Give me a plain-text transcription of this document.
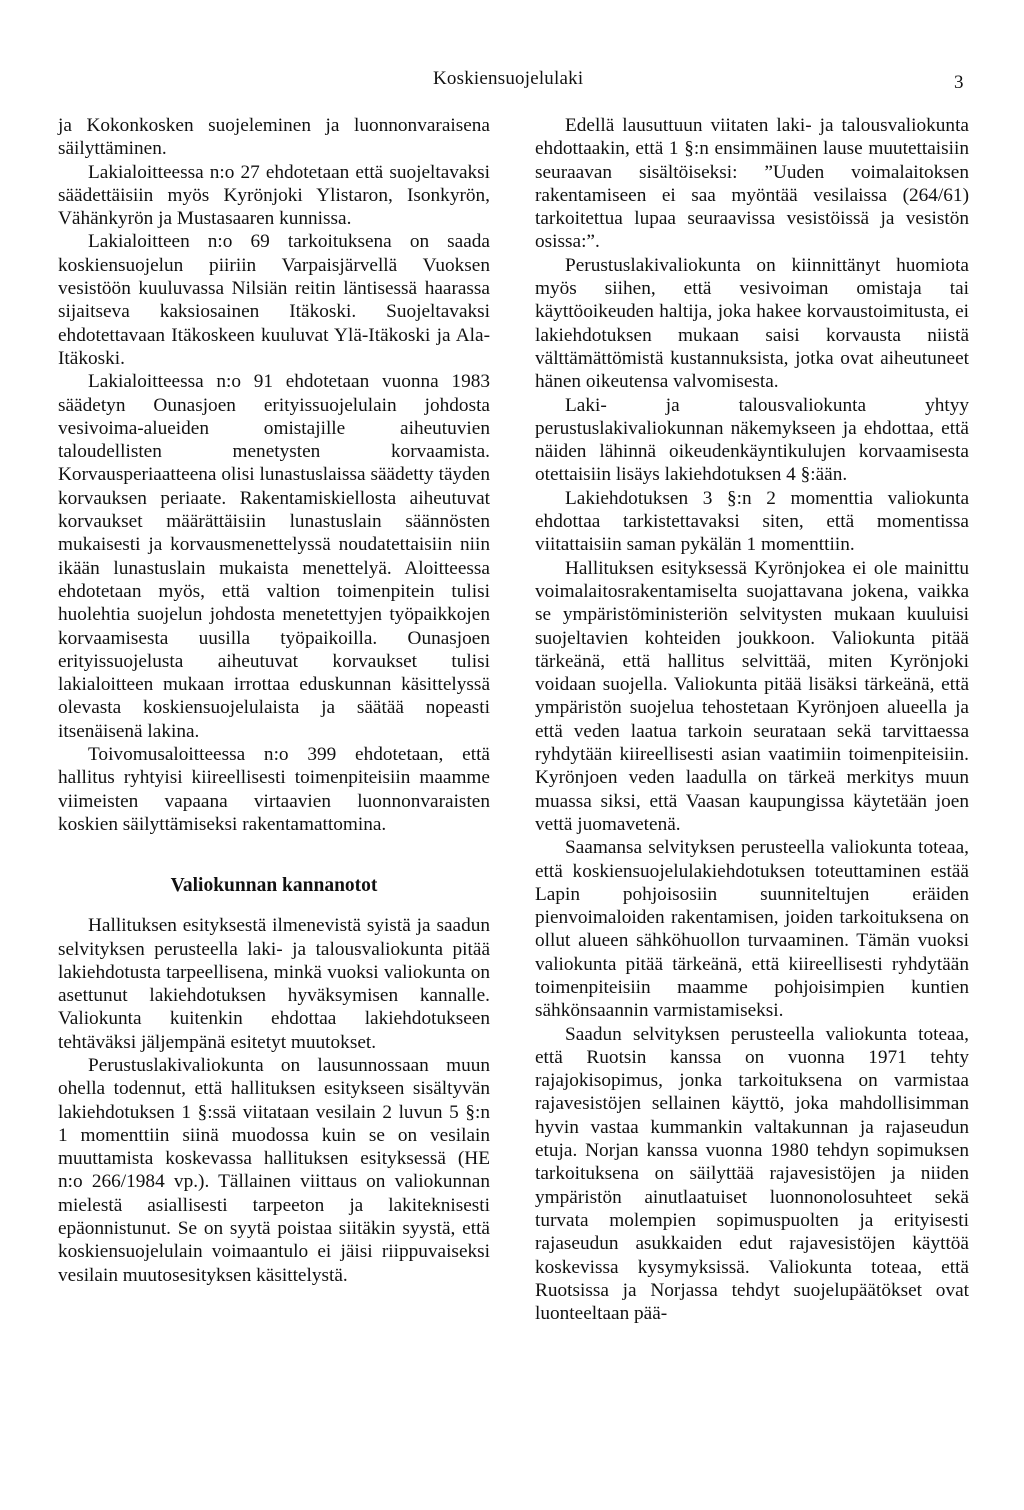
Koskiensuojelulaki	3

ja Kokonkosken suojeleminen ja luonnonvaraisena säilyttäminen.

Lakialoitteessa n:o 27 ehdotetaan että suojeltavaksi säädettäisiin myös Kyrönjoki Ylistaron, Isonkyrön, Vähänkyrön ja Mustasaaren kunnissa.

Lakialoitteen n:o 69 tarkoituksena on saada koskiensuojelun piiriin Varpaisjärvellä Vuoksen vesistöön kuuluvassa Nilsiän reitin läntisessä haarassa sijaitseva kaksiosainen Itäkoski. Suojeltavaksi ehdotettavaan Itäkoskeen kuuluvat Ylä-Itäkoski ja Ala-Itäkoski.

Lakialoitteessa n:o 91 ehdotetaan vuonna 1983 säädetyn Ounasjoen erityissuojelulain johdosta vesivoima-alueiden omistajille aiheutuvien taloudellisten menetysten korvaamista. Korvausperiaatteena olisi lunastuslaissa säädetty täyden korvauksen periaate. Rakentamiskiellosta aiheutuvat korvaukset määrättäisiin lunastuslain säännösten mukaisesti ja korvausmenettelyssä noudatettaisiin niin ikään lunastuslain mukaista menettelyä. Aloitteessa ehdotetaan myös, että valtion toimenpitein tulisi huolehtia suojelun johdosta menetettyjen työpaikkojen korvaamisesta uusilla työpaikoilla. Ounasjoen erityissuojelusta aiheutuvat korvaukset tulisi lakialoitteen mukaan irrottaa eduskunnan käsittelyssä olevasta koskiensuojelulaista ja säätää nopeasti itsenäisenä lakina.

Toivomusaloitteessa n:o 399 ehdotetaan, että hallitus ryhtyisi kiireellisesti toimenpiteisiin maamme viimeisten vapaana virtaavien luonnonvaraisten koskien säilyttämiseksi rakentamattomina.

Valiokunnan kannanotot

Hallituksen esityksestä ilmenevistä syistä ja saadun selvityksen perusteella laki- ja talousvaliokunta pitää lakiehdotusta tarpeellisena, minkä vuoksi valiokunta on asettunut lakiehdotuksen hyväksymisen kannalle. Valiokunta kuitenkin ehdottaa lakiehdotukseen tehtäväksi jäljempänä esitetyt muutokset.

Perustuslakivaliokunta on lausunnossaan muun ohella todennut, että hallituksen esitykseen sisältyvän lakiehdotuksen 1 §:ssä viitataan vesilain 2 luvun 5 §:n 1 momenttiin siinä muodossa kuin se on vesilain muuttamista koskevassa hallituksen esityksessä (HE n:o 266/1984 vp.). Tällainen viittaus on valiokunnan mielestä asiallisesti tarpeeton ja lakiteknisesti epäonnistunut. Se on syytä poistaa siitäkin syystä, että koskiensuojelulain voimaantulo ei jäisi riippuvaiseksi vesilain muutosesityksen käsittelystä.

Edellä lausuttuun viitaten laki- ja talousvaliokunta ehdottaakin, että 1 §:n ensimmäinen lause muutettaisiin seuraavan sisältöiseksi: ”Uuden voimalaitoksen rakentamiseen ei saa myöntää vesilaissa (264/61) tarkoitettua lupaa seuraavissa vesistöissä ja vesistön osissa:”.

Perustuslakivaliokunta on kiinnittänyt huomiota myös siihen, että vesivoiman omistaja tai käyttöoikeuden haltija, joka hakee korvaustoimitusta, ei lakiehdotuksen mukaan saisi korvausta niistä välttämättömistä kustannuksista, jotka ovat aiheutuneet hänen oikeutensa valvomisesta.

Laki- ja talousvaliokunta yhtyy perustuslakivaliokunnan näkemykseen ja ehdottaa, että näiden lähinnä oikeudenkäyntikulujen korvaamisesta otettaisiin lisäys lakiehdotuksen 4 §:ään.

Lakiehdotuksen 3 §:n 2 momenttia valiokunta ehdottaa tarkistettavaksi siten, että momentissa viitattaisiin saman pykälän 1 momenttiin.

Hallituksen esityksessä Kyrönjokea ei ole mainittu voimalaitosrakentamiselta suojattavana jokena, vaikka se ympäristöministeriön selvitysten mukaan kuuluisi suojeltavien kohteiden joukkoon. Valiokunta pitää tärkeänä, että hallitus selvittää, miten Kyrönjoki voidaan suojella. Valiokunta pitää lisäksi tärkeänä, että ympäristön suojelua tehostetaan Kyrönjoen alueella ja että veden laatua tarkoin seurataan sekä tarvittaessa ryhdytään kiireellisesti asian vaatimiin toimenpiteisiin. Kyrönjoen veden laadulla on tärkeä merkitys muun muassa siksi, että Vaasan kaupungissa käytetään joen vettä juomavetenä.

Saamansa selvityksen perusteella valiokunta toteaa, että koskiensuojelulakiehdotuksen toteuttaminen estää Lapin pohjoisosiin suunniteltujen eräiden pienvoimaloiden rakentamisen, joiden tarkoituksena on ollut alueen sähköhuollon turvaaminen. Tämän vuoksi valiokunta pitää tärkeänä, että kiireellisesti ryhdytään toimenpiteisiin maamme pohjoisimpien kuntien sähkönsaannin varmistamiseksi.

Saadun selvityksen perusteella valiokunta toteaa, että Ruotsin kanssa on vuonna 1971 tehty rajajokisopimus, jonka tarkoituksena on varmistaa rajavesistöjen sellainen käyttö, joka mahdollisimman hyvin vastaa kummankin valtakunnan ja rajaseudun etuja. Norjan kanssa vuonna 1980 tehdyn sopimuksen tarkoituksena on säilyttää rajavesistöjen ja niiden ympäristön ainutlaatuiset luonnonolosuhteet sekä turvata molempien sopimuspuolten ja erityisesti rajaseudun asukkaiden edut rajavesistöjen käyttöä koskevissa kysymyksissä. Valiokunta toteaa, että Ruotsissa ja Norjassa tehdyt suojelupäätökset ovat luonteeltaan pää-
